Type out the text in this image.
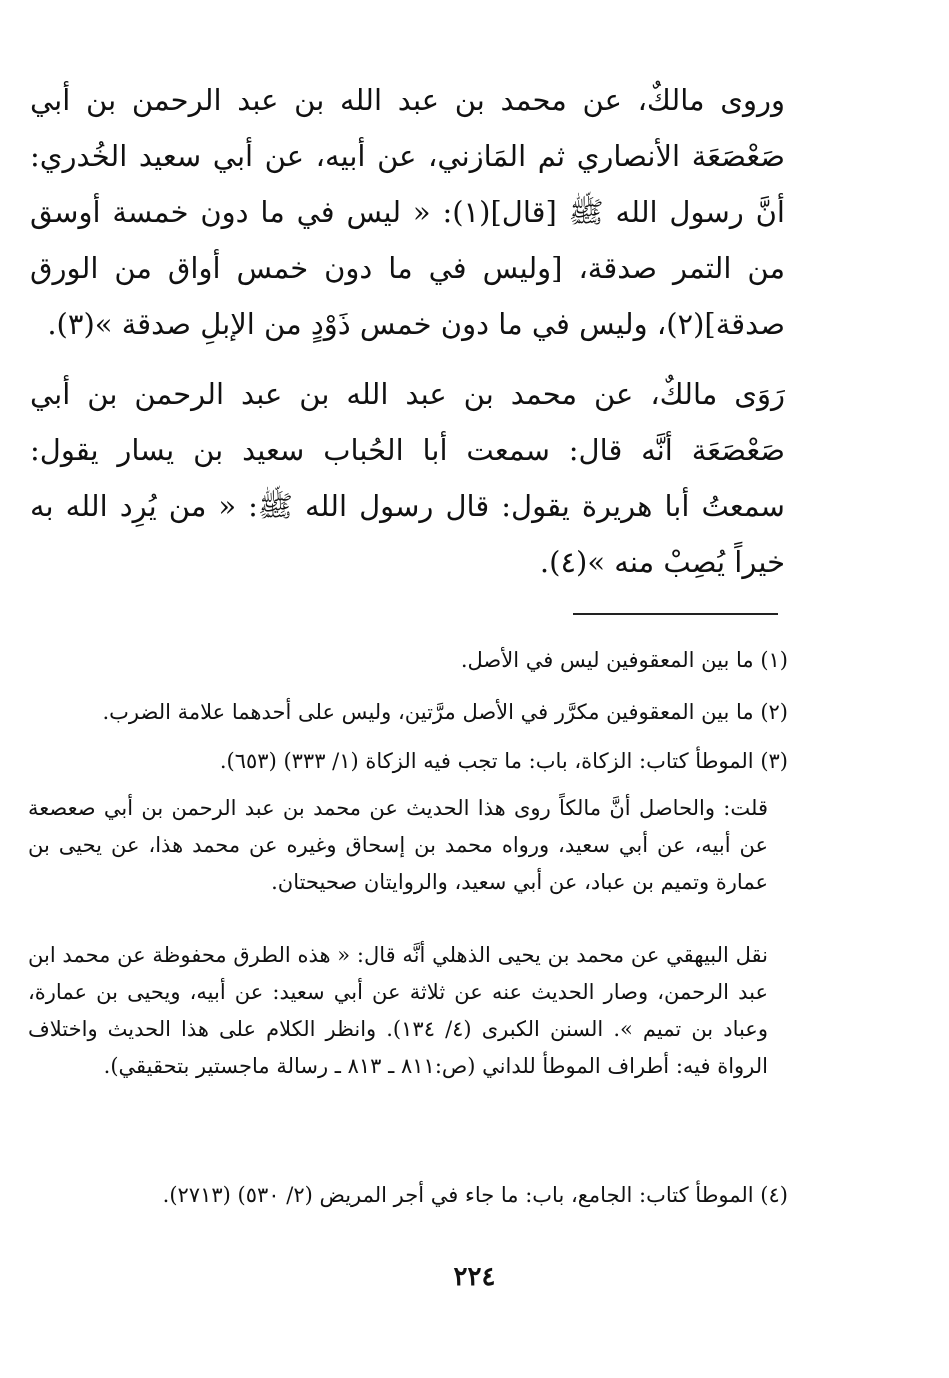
وروى مالكٌ، عن محمد بن عبد الله بن عبد الرحمن بن أبي صَعْصَعَة الأنصاري ثم المَازني، عن أبيه، عن أبي سعيد الخُدري: أنَّ رسول الله ﷺ [قال](١): « ليس في ما دون خمسة أوسق من التمر صدقة، [وليس في ما دون خمس أواق من الورق صدقة](٢)، وليس في ما دون خمس ذَوْدٍ من الإبلِ صدقة »(٣).
رَوَى مالكٌ، عن محمد بن عبد الله بن عبد الرحمن بن أبي صَعْصَعَة أنَّه قال: سمعت أبا الحُباب سعيد بن يسار يقول: سمعتُ أبا هريرة يقول: قال رسول الله ﷺ: « من يُرِد الله به خيراً يُصِبْ منه »(٤).
(١) ما بين المعقوفين ليس في الأصل.
(٢) ما بين المعقوفين مكرَّر في الأصل مرَّتين، وليس على أحدهما علامة الضرب.
(٣) الموطأ كتاب: الزكاة، باب: ما تجب فيه الزكاة (١/ ٣٣٣) (٦٥٣).
قلت: والحاصل أنَّ مالكاً روى هذا الحديث عن محمد بن عبد الرحمن بن أبي صعصعة عن أبيه، عن أبي سعيد، ورواه محمد بن إسحاق وغيره عن محمد هذا، عن يحيى بن عمارة وتميم بن عباد، عن أبي سعيد، والروايتان صحيحتان.
نقل البيهقي عن محمد بن يحيى الذهلي أنَّه قال: « هذه الطرق محفوظة عن محمد ابن عبد الرحمن، وصار الحديث عنه عن ثلاثة عن أبي سعيد: عن أبيه، ويحيى بن عمارة، وعباد بن تميم ». السنن الكبرى (٤/ ١٣٤). وانظر الكلام على هذا الحديث واختلاف الرواة فيه: أطراف الموطأ للداني (ص:٨١١ ـ ٨١٣ ـ رسالة ماجستير بتحقيقي).
(٤) الموطأ كتاب: الجامع، باب: ما جاء في أجر المريض (٢/ ٥٣٠) (٢٧١٣).
٢٢٤
